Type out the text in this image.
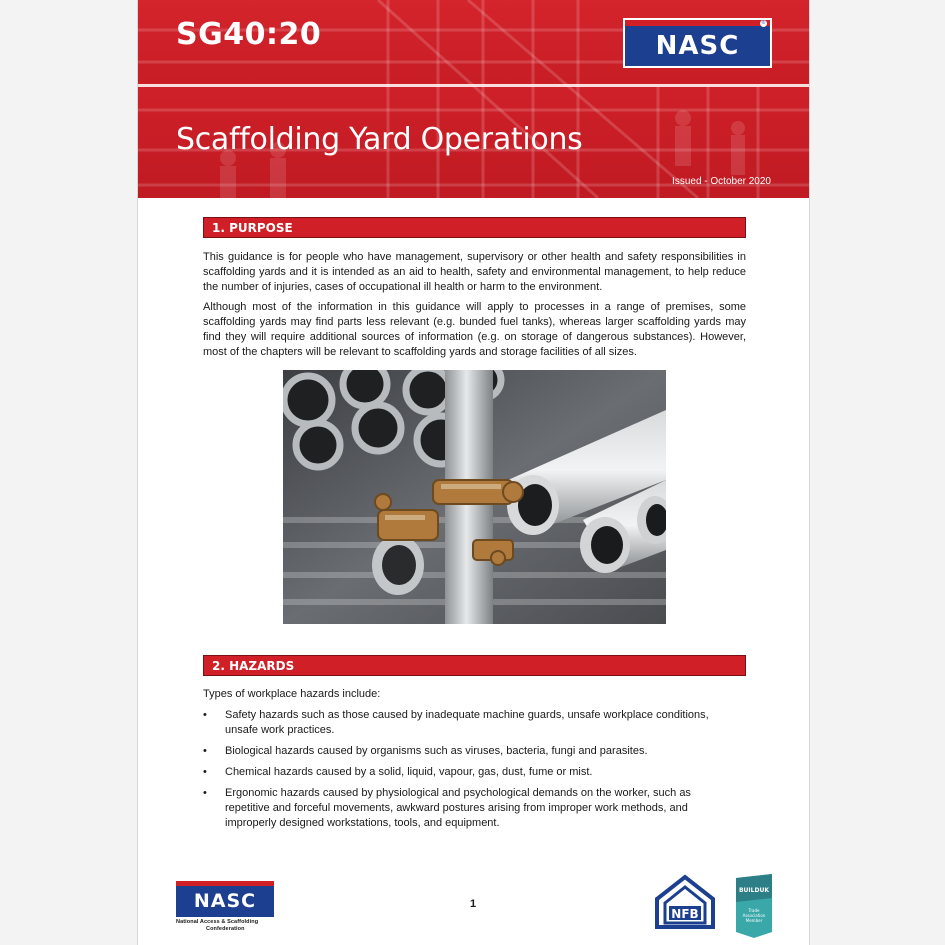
SG40:20
Scaffolding Yard Operations
Issued - October 2020
NASC
®
1. PURPOSE

This guidance is for people who have management, supervisory or other health and safety responsibilities in scaffolding yards and it is intended as an aid to health, safety and environmental management, to help reduce the number of injuries, cases of occupational ill health or harm to the environment.

Although most of the information in this guidance will apply to processes in a range of premises, some scaffolding yards may find parts less relevant (e.g. bunded fuel tanks), whereas larger scaffolding yards may find they will require additional sources of information (e.g. on storage of dangerous substances). However, most of the chapters will be relevant to scaffolding yards and storage facilities of all sizes.

2. HAZARDS
Types of workplace hazards include:
• Safety hazards such as those caused by inadequate machine guards, unsafe workplace conditions, unsafe work practices.
• Biological hazards caused by organisms such as viruses, bacteria, fungi and parasites.
• Chemical hazards caused by a solid, liquid, vapour, gas, dust, fume or mist.
• Ergonomic hazards caused by physiological and psychological demands on the worker, such as repetitive and forceful movements, awkward postures arising from improper work methods, and improperly designed workstations, tools, and equipment.
NASC
National Access & Scaffolding
Confederation
1
NFB
BUILDUK
Trade
Association
Member
